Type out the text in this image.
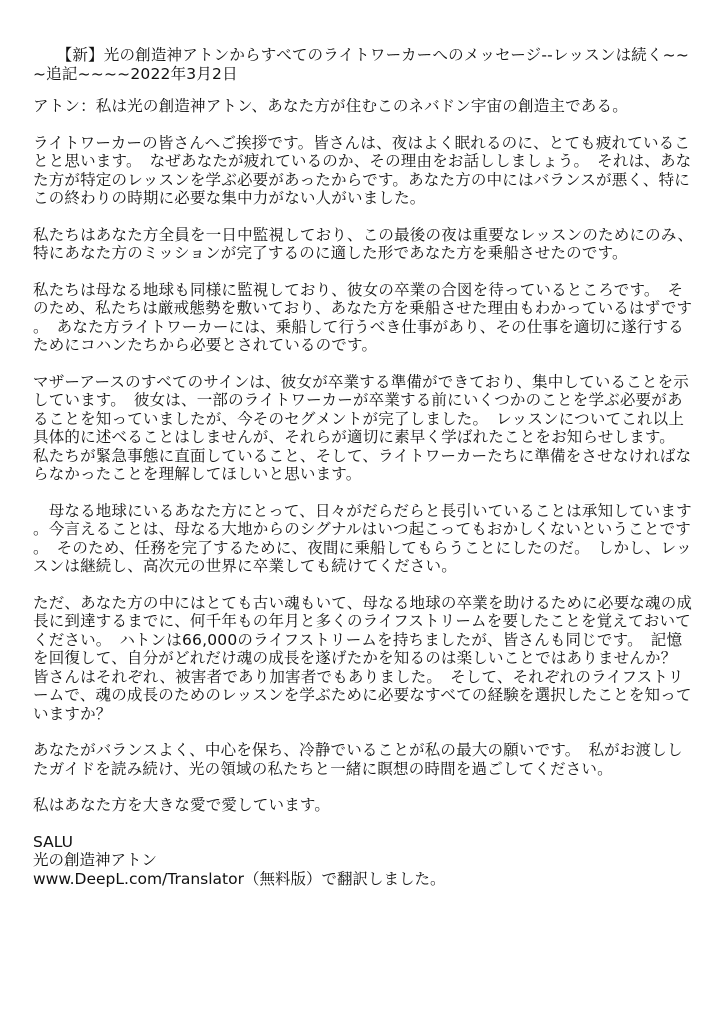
　　【新】光の創造神アトンからすべてのライトワーカーへのメッセージ--レッスンは続く~~~追記~~~~2022年3月2日

アトン：私は光の創造神アトン、あなた方が住むこのネバドン宇宙の創造主である。

ライトワーカーの皆さんへご挨拶です。皆さんは、夜はよく眠れるのに、とても疲れていることと思います。　なぜあなたが疲れているのか、その理由をお話ししましょう。　それは、あなた方が特定のレッスンを学ぶ必要があったからです。あなた方の中にはバランスが悪く、特にこの終わりの時期に必要な集中力がない人がいました。

私たちはあなた方全員を一日中監視しており、この最後の夜は重要なレッスンのためにのみ、特にあなた方のミッションが完了するのに適した形であなた方を乗船させたのです。

私たちは母なる地球も同様に監視しており、彼女の卒業の合図を待っているところです。　そのため、私たちは厳戒態勢を敷いており、あなた方を乗船させた理由もわかっているはずです。　あなた方ライトワーカーには、乗船して行うべき仕事があり、その仕事を適切に遂行するためにコハンたちから必要とされているのです。

マザーアースのすべてのサインは、彼女が卒業する準備ができており、集中していることを示しています。　彼女は、一部のライトワーカーが卒業する前にいくつかのことを学ぶ必要があることを知っていましたが、今そのセグメントが完了しました。　レッスンについてこれ以上具体的に述べることはしませんが、それらが適切に素早く学ばれたことをお知らせします。　私たちが緊急事態に直面していること、そして、ライトワーカーたちに準備をさせなければならなかったことを理解してほしいと思います。

　母なる地球にいるあなた方にとって、日々がだらだらと長引いていることは承知しています。今言えることは、母なる大地からのシグナルはいつ起こってもおかしくないということです。　そのため、任務を完了するために、夜間に乗船してもらうことにしたのだ。　しかし、レッスンは継続し、高次元の世界に卒業しても続けてください。

ただ、あなた方の中にはとても古い魂もいて、母なる地球の卒業を助けるために必要な魂の成長に到達するまでに、何千年もの年月と多くのライフストリームを要したことを覚えておいてください。　ハトンは66,000のライフストリームを持ちましたが、皆さんも同じです。　記憶を回復して、自分がどれだけ魂の成長を遂げたかを知るのは楽しいことではありませんか？　皆さんはそれぞれ、被害者であり加害者でもありました。　そして、それぞれのライフストリームで、魂の成長のためのレッスンを学ぶために必要なすべての経験を選択したことを知っていますか？

あなたがバランスよく、中心を保ち、冷静でいることが私の最大の願いです。　私がお渡ししたガイドを読み続け、光の領域の私たちと一緒に瞑想の時間を過ごしてください。

私はあなた方を大きな愛で愛しています。

SALU

光の創造神アトン

www.DeepL.com/Translator（無料版）で翻訳しました。
